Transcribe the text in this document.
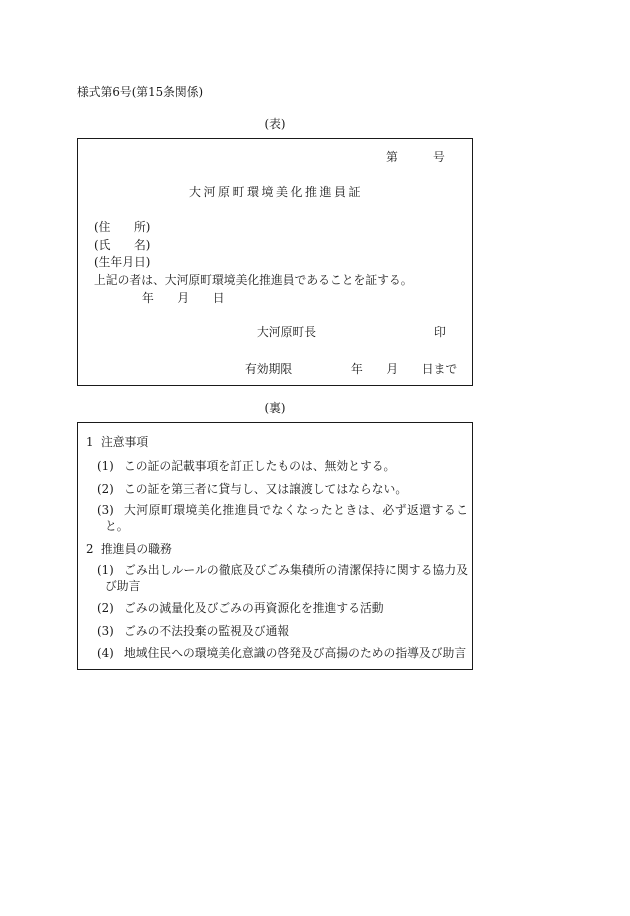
様式第6号(第15条関係)
(表)
第	号
大河原町環境美化推進員証
(住　　所)
(氏　　名)
(生年月日)
上記の者は、大河原町環境美化推進員であることを証する。
年　　月　　日
大河原町長	印
有効期限	年　　月　　日まで
(裏)
1 注意事項
(1) この証の記載事項を訂正したものは、無効とする。
(2) この証を第三者に貸与し、又は譲渡してはならない。
(3) 大河原町環境美化推進員でなくなったときは、必ず返還するこ
と。
2 推進員の職務
(1) ごみ出しルールの徹底及びごみ集積所の清潔保持に関する協力及
び助言
(2) ごみの減量化及びごみの再資源化を推進する活動
(3) ごみの不法投棄の監視及び通報
(4) 地域住民への環境美化意識の啓発及び高揚のための指導及び助言
